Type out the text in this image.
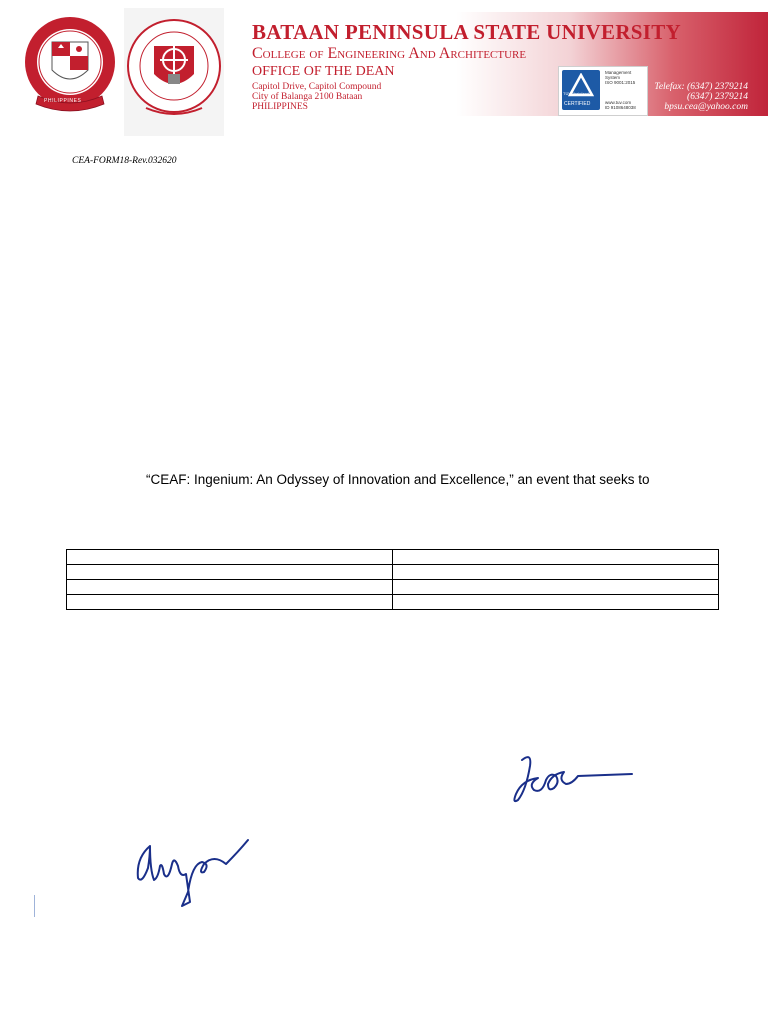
PHILIPPINES
BATAAN PENINSULA STATE UNIVERSITY
College of Engineering And Architecture
OFFICE OF THE DEAN
Capitol Drive, Capitol Compound
City of Balanga 2100 Bataan
PHILIPPINES	CERTIFIED
Management
System
ISO 9001:2015
www.tuv.com
ID 9108648038
TÜVRheinland
Telefax: (6347) 2379214
(6347) 2379214
bpsu.cea@yahoo.com
CEA-FORM18-Rev.032620
“CEAF: Ingenium: An Odyssey of Innovation and Excellence,” an event that seeks to
